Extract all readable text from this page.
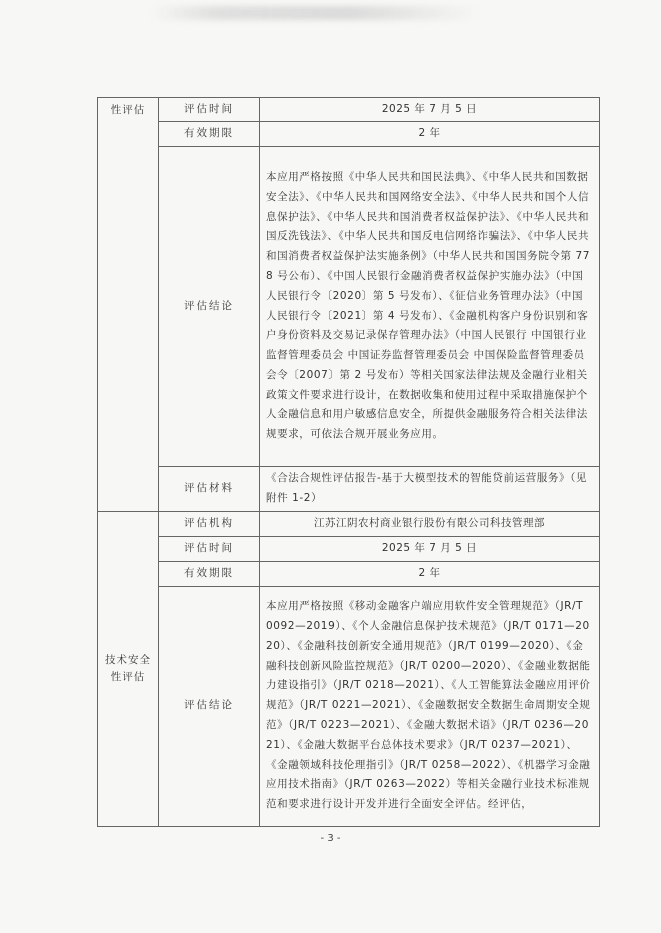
性评估	评估时间	2025 年 7 月 5 日
	有效期限	2 年
	评估结论	本应用严格按照《中华人民共和国民法典》、《中华人民共和国数据安全法》、《中华人民共和国网络安全法》、《中华人民共和国个人信息保护法》、《中华人民共和国消费者权益保护法》、《中华人民共和国反洗钱法》、《中华人民共和国反电信网络诈骗法》、《中华人民共和国消费者权益保护法实施条例》（中华人民共和国国务院令第 778 号公布）、《中国人民银行金融消费者权益保护实施办法》（中国人民银行令〔2020〕第 5 号发布）、《征信业务管理办法》（中国人民银行令〔2021〕第 4 号发布）、《金融机构客户身份识别和客户身份资料及交易记录保存管理办法》（中国人民银行 中国银行业监督管理委员会 中国证券监督管理委员会 中国保险监督管理委员会令〔2007〕第 2 号发布）等相关国家法律法规及金融行业相关政策文件要求进行设计，在数据收集和使用过程中采取措施保护个人金融信息和用户敏感信息安全，所提供金融服务符合相关法律法规要求，可依法合规开展业务应用。
	评估材料	《合法合规性评估报告-基于大模型技术的智能贷前运营服务》（见附件 1-2）
技术安全性评估	评估机构	江苏江阴农村商业银行股份有限公司科技管理部
	评估时间	2025 年 7 月 5 日
	有效期限	2 年
	评估结论	本应用严格按照《移动金融客户端应用软件安全管理规范》（JR/T 0092—2019）、《个人金融信息保护技术规范》（JR/T 0171—2020）、《金融科技创新安全通用规范》（JR/T 0199—2020）、《金融科技创新风险监控规范》（JR/T 0200—2020）、《金融业数据能力建设指引》（JR/T 0218—2021）、《人工智能算法金融应用评价规范》（JR/T 0221—2021）、《金融数据安全数据生命周期安全规范》（JR/T 0223—2021）、《金融大数据术语》（JR/T 0236—2021）、《金融大数据平台总体技术要求》（JR/T 0237—2021）、《金融领域科技伦理指引》（JR/T 0258—2022）、《机器学习金融应用技术指南》（JR/T 0263—2022）等相关金融行业技术标准规范和要求进行设计开发并进行全面安全评估。经评估，
- 3 -
